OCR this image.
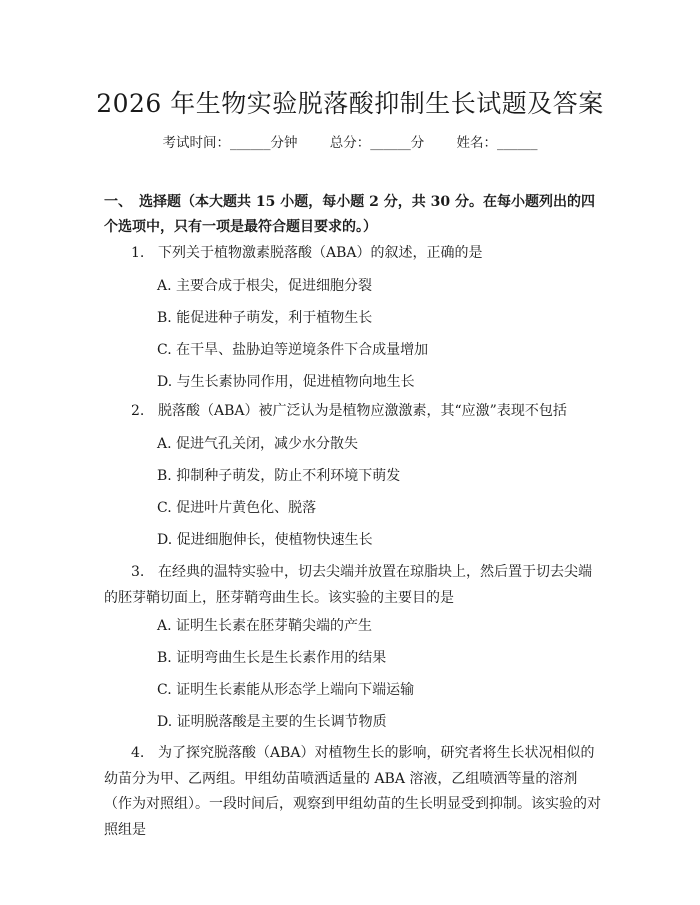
2026 年生物实验脱落酸抑制生长试题及答案
考试时间：______分钟 总分：______分 姓名：______
一、　选择题（本大题共 15 小题，每小题 2 分，共 30 分。在每小题列出的四个选项中，只有一项是最符合题目要求的。）
1. 下列关于植物激素脱落酸（ABA）的叙述，正确的是
A. 主要合成于根尖，促进细胞分裂
B. 能促进种子萌发，利于植物生长
C. 在干旱、盐胁迫等逆境条件下合成量增加
D. 与生长素协同作用，促进植物向地生长
2. 脱落酸（ABA）被广泛认为是植物应激激素，其“应激”表现不包括
A. 促进气孔关闭，减少水分散失
B. 抑制种子萌发，防止不利环境下萌发
C. 促进叶片黄色化、脱落
D. 促进细胞伸长，使植物快速生长
3. 在经典的温特实验中，切去尖端并放置在琼脂块上，然后置于切去尖端的胚芽鞘切面上，胚芽鞘弯曲生长。该实验的主要目的是
A. 证明生长素在胚芽鞘尖端的产生
B. 证明弯曲生长是生长素作用的结果
C. 证明生长素能从形态学上端向下端运输
D. 证明脱落酸是主要的生长调节物质
4. 为了探究脱落酸（ABA）对植物生长的影响，研究者将生长状况相似的幼苗分为甲、乙两组。甲组幼苗喷洒适量的 ABA 溶液，乙组喷洒等量的溶剂（作为对照组）。一段时间后，观察到甲组幼苗的生长明显受到抑制。该实验的对照组是
